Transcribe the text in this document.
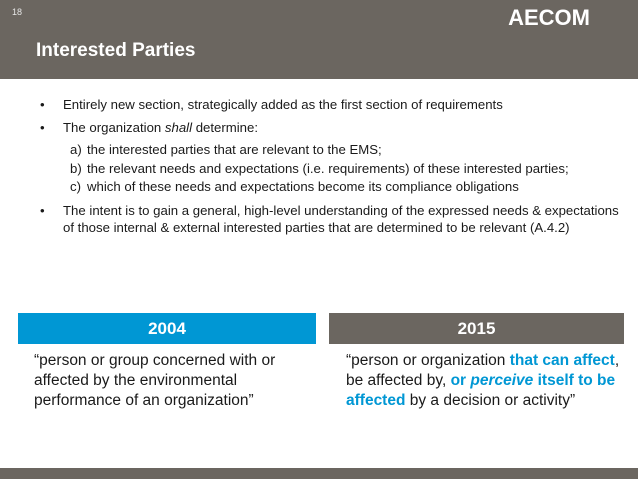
18	AECOM
Interested Parties
• Entirely new section, strategically added as the first section of requirements
• The organization shall determine:
a) the interested parties that are relevant to the EMS;
b) the relevant needs and expectations (i.e. requirements) of these interested parties;
c) which of these needs and expectations become its compliance obligations
• The intent is to gain a general, high-level understanding of the expressed needs & expectations of those internal & external interested parties that are determined to be relevant (A.4.2)
2004	2015
“person or group concerned with or affected by the environmental performance of an organization”
“person or organization that can affect, be affected by, or perceive itself to be affected by a decision or activity”
